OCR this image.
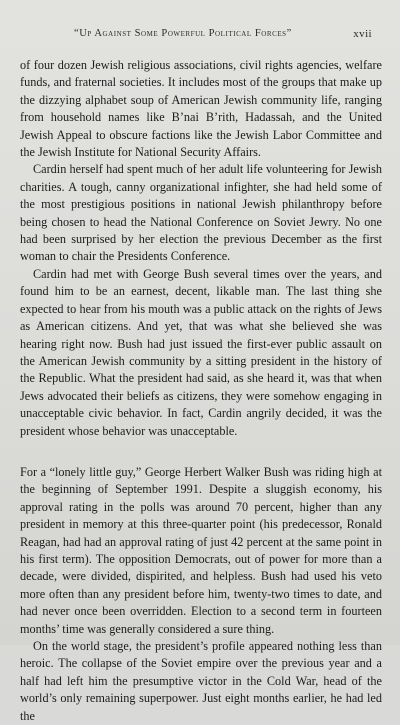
“Up Against Some Powerful Political Forces”	xvii

of four dozen Jewish religious associations, civil rights agencies, welfare funds, and fraternal societies. It includes most of the groups that make up the dizzying alphabet soup of American Jewish community life, ranging from household names like B’nai B’rith, Hadassah, and the United Jewish Appeal to obscure factions like the Jewish Labor Committee and the Jewish Institute for National Security Affairs.

Cardin herself had spent much of her adult life volunteering for Jewish charities. A tough, canny organizational infighter, she had held some of the most prestigious positions in national Jewish philanthropy before being chosen to head the National Conference on Soviet Jewry. No one had been surprised by her election the previous December as the first woman to chair the Presidents Conference.

Cardin had met with George Bush several times over the years, and found him to be an earnest, decent, likable man. The last thing she expected to hear from his mouth was a public attack on the rights of Jews as American citizens. And yet, that was what she believed she was hearing right now. Bush had just issued the first-ever public assault on the American Jewish community by a sitting president in the history of the Republic. What the president had said, as she heard it, was that when Jews advocated their beliefs as citizens, they were somehow engaging in unacceptable civic behavior. In fact, Cardin angrily decided, it was the president whose behavior was unacceptable.

For a “lonely little guy,” George Herbert Walker Bush was riding high at the beginning of September 1991. Despite a sluggish economy, his approval rating in the polls was around 70 percent, higher than any president in memory at this three-quarter point (his predecessor, Ronald Reagan, had had an approval rating of just 42 percent at the same point in his first term). The opposition Democrats, out of power for more than a decade, were divided, dispirited, and helpless. Bush had used his veto more often than any president before him, twenty-two times to date, and had never once been overridden. Election to a second term in fourteen months’ time was generally considered a sure thing.

On the world stage, the president’s profile appeared nothing less than heroic. The collapse of the Soviet empire over the previous year and a half had left him the presumptive victor in the Cold War, head of the world’s only remaining superpower. Just eight months earlier, he had led the
